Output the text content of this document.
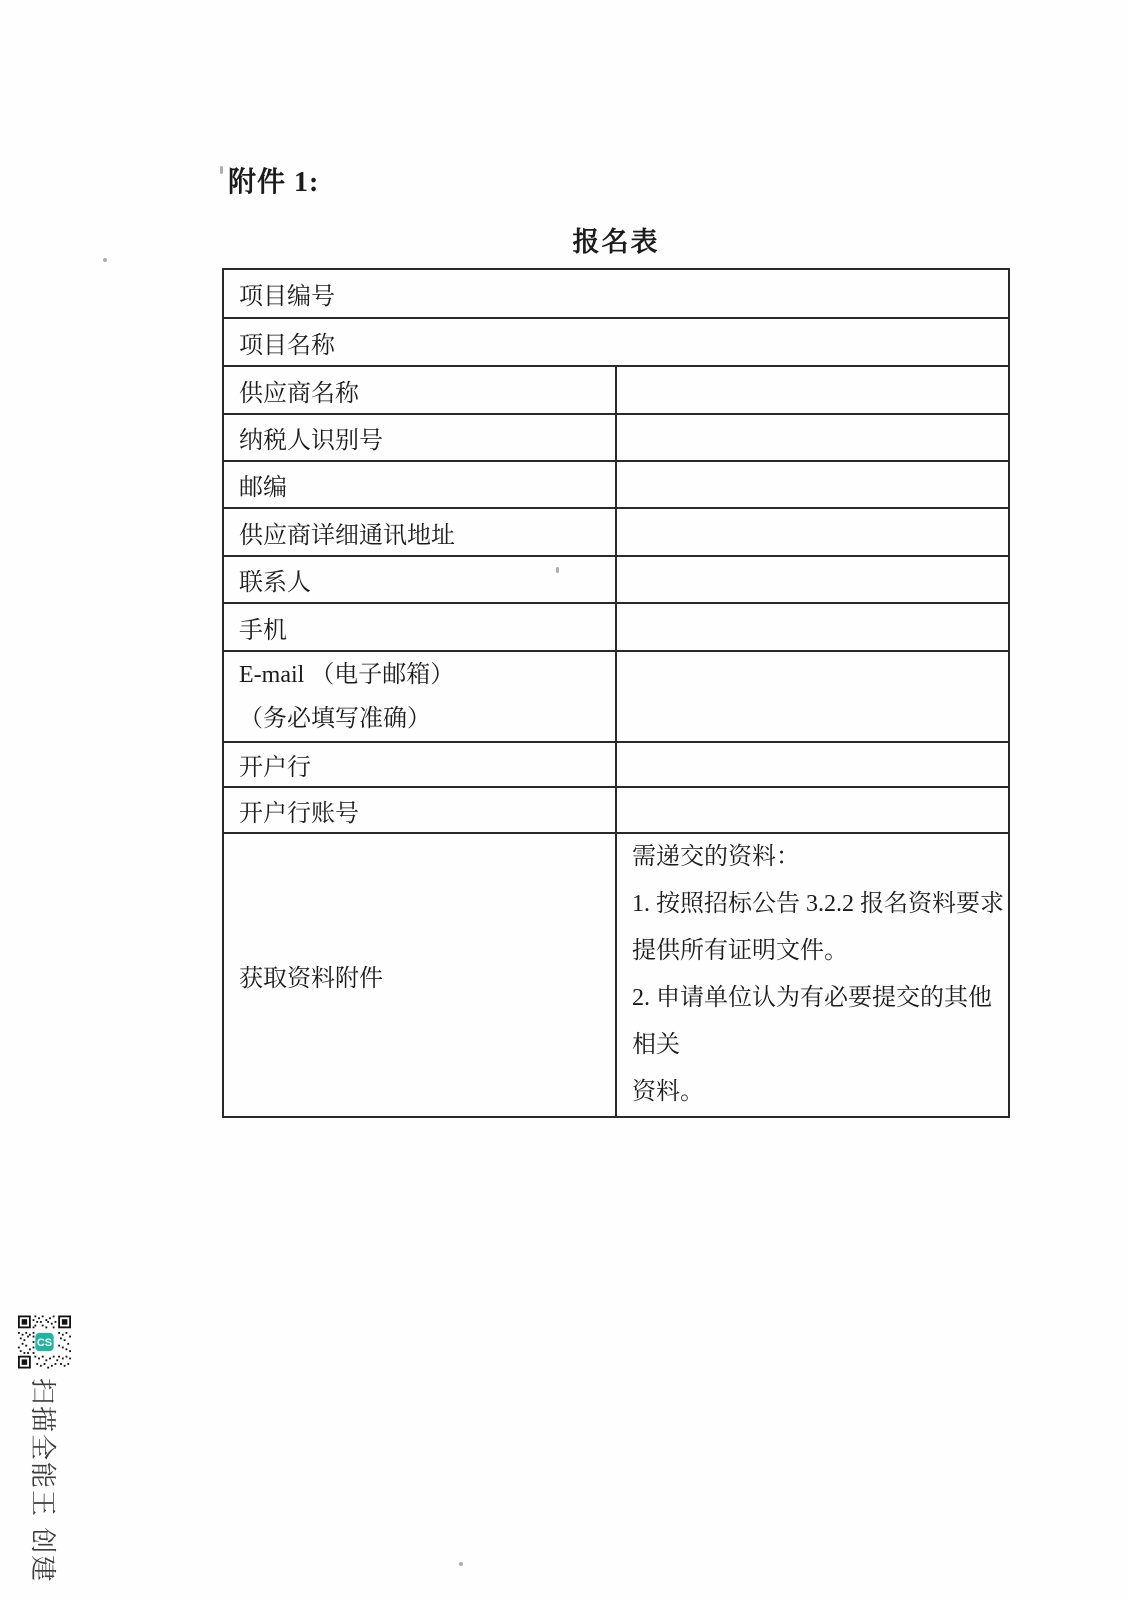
附件 1:
报名表
项目编号	
项目名称	
供应商名称	
纳税人识别号	
邮编	
供应商详细通讯地址	
联系人	
手机	

E-mail （电子邮箱）
（务必填写准确）	

开户行	
开户行账号	
获取资料附件	需递交的资料：
1. 按照招标公告 3.2.2 报名资料要求
提供所有证明文件。
2. 申请单位认为有必要提交的其他相关
资料。
CS
扫描全能王 创建
